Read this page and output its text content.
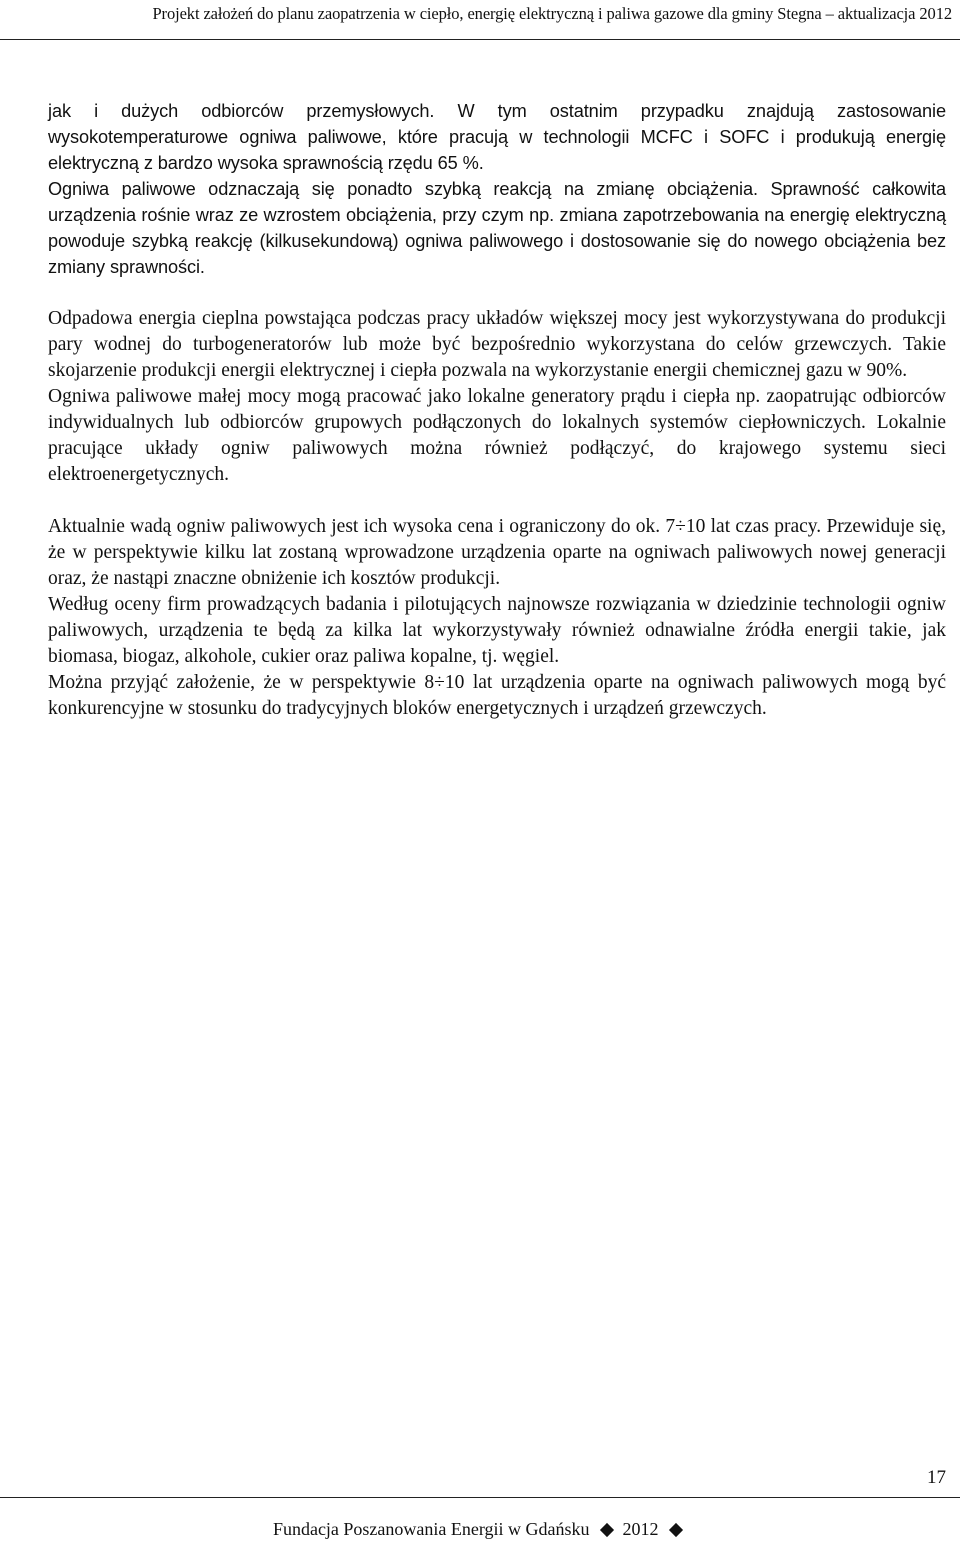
Projekt założeń do planu zaopatrzenia w ciepło, energię elektryczną i paliwa gazowe dla gminy Stegna – aktualizacja 2012

jak i dużych odbiorców przemysłowych. W tym ostatnim przypadku znajdują zastosowanie wysokotemperaturowe ogniwa paliwowe, które pracują w technologii MCFC i SOFC i produkują energię elektryczną z bardzo wysoka sprawnością rzędu 65 %.

Ogniwa paliwowe odznaczają się ponadto szybką reakcją na zmianę obciążenia. Sprawność całkowita urządzenia rośnie wraz ze wzrostem obciążenia, przy czym np. zmiana zapotrzebowania na energię elektryczną powoduje szybką reakcję (kilkusekundową) ogniwa paliwowego i dostosowanie się do nowego obciążenia bez zmiany sprawności.

Odpadowa energia cieplna powstająca podczas pracy układów większej mocy jest wykorzystywana do produkcji pary wodnej do turbogeneratorów lub może być bezpośrednio wykorzystana do celów grzewczych. Takie skojarzenie produkcji energii elektrycznej i ciepła pozwala na wykorzystanie energii chemicznej gazu w 90%.

Ogniwa paliwowe małej mocy mogą pracować jako lokalne generatory prądu i ciepła np. zaopatrując odbiorców indywidualnych lub odbiorców grupowych podłączonych do lokalnych systemów ciepłowniczych. Lokalnie pracujące układy ogniw paliwowych można również podłączyć, do krajowego systemu sieci elektroenergetycznych.

Aktualnie wadą ogniw paliwowych jest ich wysoka cena i ograniczony do ok. 7÷10 lat czas pracy. Przewiduje się, że w perspektywie kilku lat zostaną wprowadzone urządzenia oparte na ogniwach paliwowych nowej generacji oraz, że nastąpi znaczne obniżenie ich kosztów produkcji.

Według oceny firm prowadzących badania i pilotujących najnowsze rozwiązania w dziedzinie technologii ogniw paliwowych, urządzenia te będą za kilka lat wykorzystywały również odnawialne źródła energii takie, jak biomasa, biogaz, alkohole, cukier oraz paliwa kopalne, tj. węgiel.

Można przyjąć założenie, że w perspektywie 8÷10 lat urządzenia oparte na ogniwach paliwowych mogą być konkurencyjne w stosunku do tradycyjnych bloków energetycznych i urządzeń grzewczych.

17
Fundacja Poszanowania Energii w Gdańsku 2012
